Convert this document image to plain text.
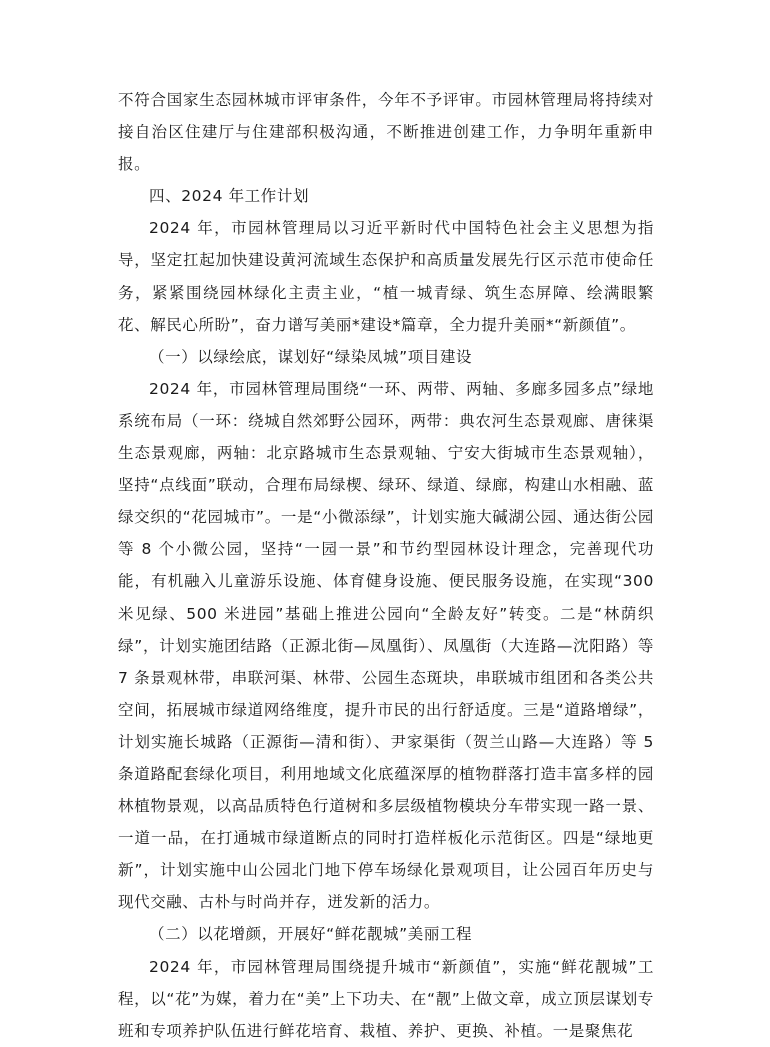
不符合国家生态园林城市评审条件，今年不予评审。市园林管理局将持续对接自治区住建厅与住建部积极沟通，不断推进创建工作，力争明年重新申报。

四、2024 年工作计划

2024 年，市园林管理局以习近平新时代中国特色社会主义思想为指导，坚定扛起加快建设黄河流域生态保护和高质量发展先行区示范市使命任务，紧紧围绕园林绿化主责主业，“植一城青绿、筑生态屏障、绘满眼繁花、解民心所盼”，奋力谱写美丽*建设*篇章，全力提升美丽*“新颜值”。

（一）以绿绘底，谋划好“绿染凤城”项目建设

2024 年，市园林管理局围绕“一环、两带、两轴、多廊多园多点”绿地系统布局（一环：绕城自然郊野公园环，两带：典农河生态景观廊、唐徕渠生态景观廊，两轴：北京路城市生态景观轴、宁安大街城市生态景观轴），坚持“点线面”联动，合理布局绿楔、绿环、绿道、绿廊，构建山水相融、蓝绿交织的“花园城市”。一是“小微添绿”，计划实施大碱湖公园、通达街公园等 8 个小微公园，坚持“一园一景”和节约型园林设计理念，完善现代功能，有机融入儿童游乐设施、体育健身设施、便民服务设施，在实现“300 米见绿、500 米进园”基础上推进公园向“全龄友好”转变。二是“林荫织绿”，计划实施团结路（正源北街—凤凰街）、凤凰街（大连路—沈阳路）等 7 条景观林带，串联河渠、林带、公园生态斑块，串联城市组团和各类公共空间，拓展城市绿道网络维度，提升市民的出行舒适度。三是“道路增绿”，计划实施长城路（正源街—清和街）、尹家渠街（贺兰山路—大连路）等 5 条道路配套绿化项目，利用地域文化底蕴深厚的植物群落打造丰富多样的园林植物景观，以高品质特色行道树和多层级植物模块分车带实现一路一景、一道一品，在打通城市绿道断点的同时打造样板化示范街区。四是“绿地更新”，计划实施中山公园北门地下停车场绿化景观项目，让公园百年历史与现代交融、古朴与时尚并存，迸发新的活力。

（二）以花增颜，开展好“鲜花靓城”美丽工程

2024 年，市园林管理局围绕提升城市“新颜值”，实施“鲜花靓城”工程，以“花”为媒，着力在“美”上下功夫、在“靓”上做文章，成立顶层谋划专班和专项养护队伍进行鲜花培育、栽植、养护、更换、补植。一是聚焦花
